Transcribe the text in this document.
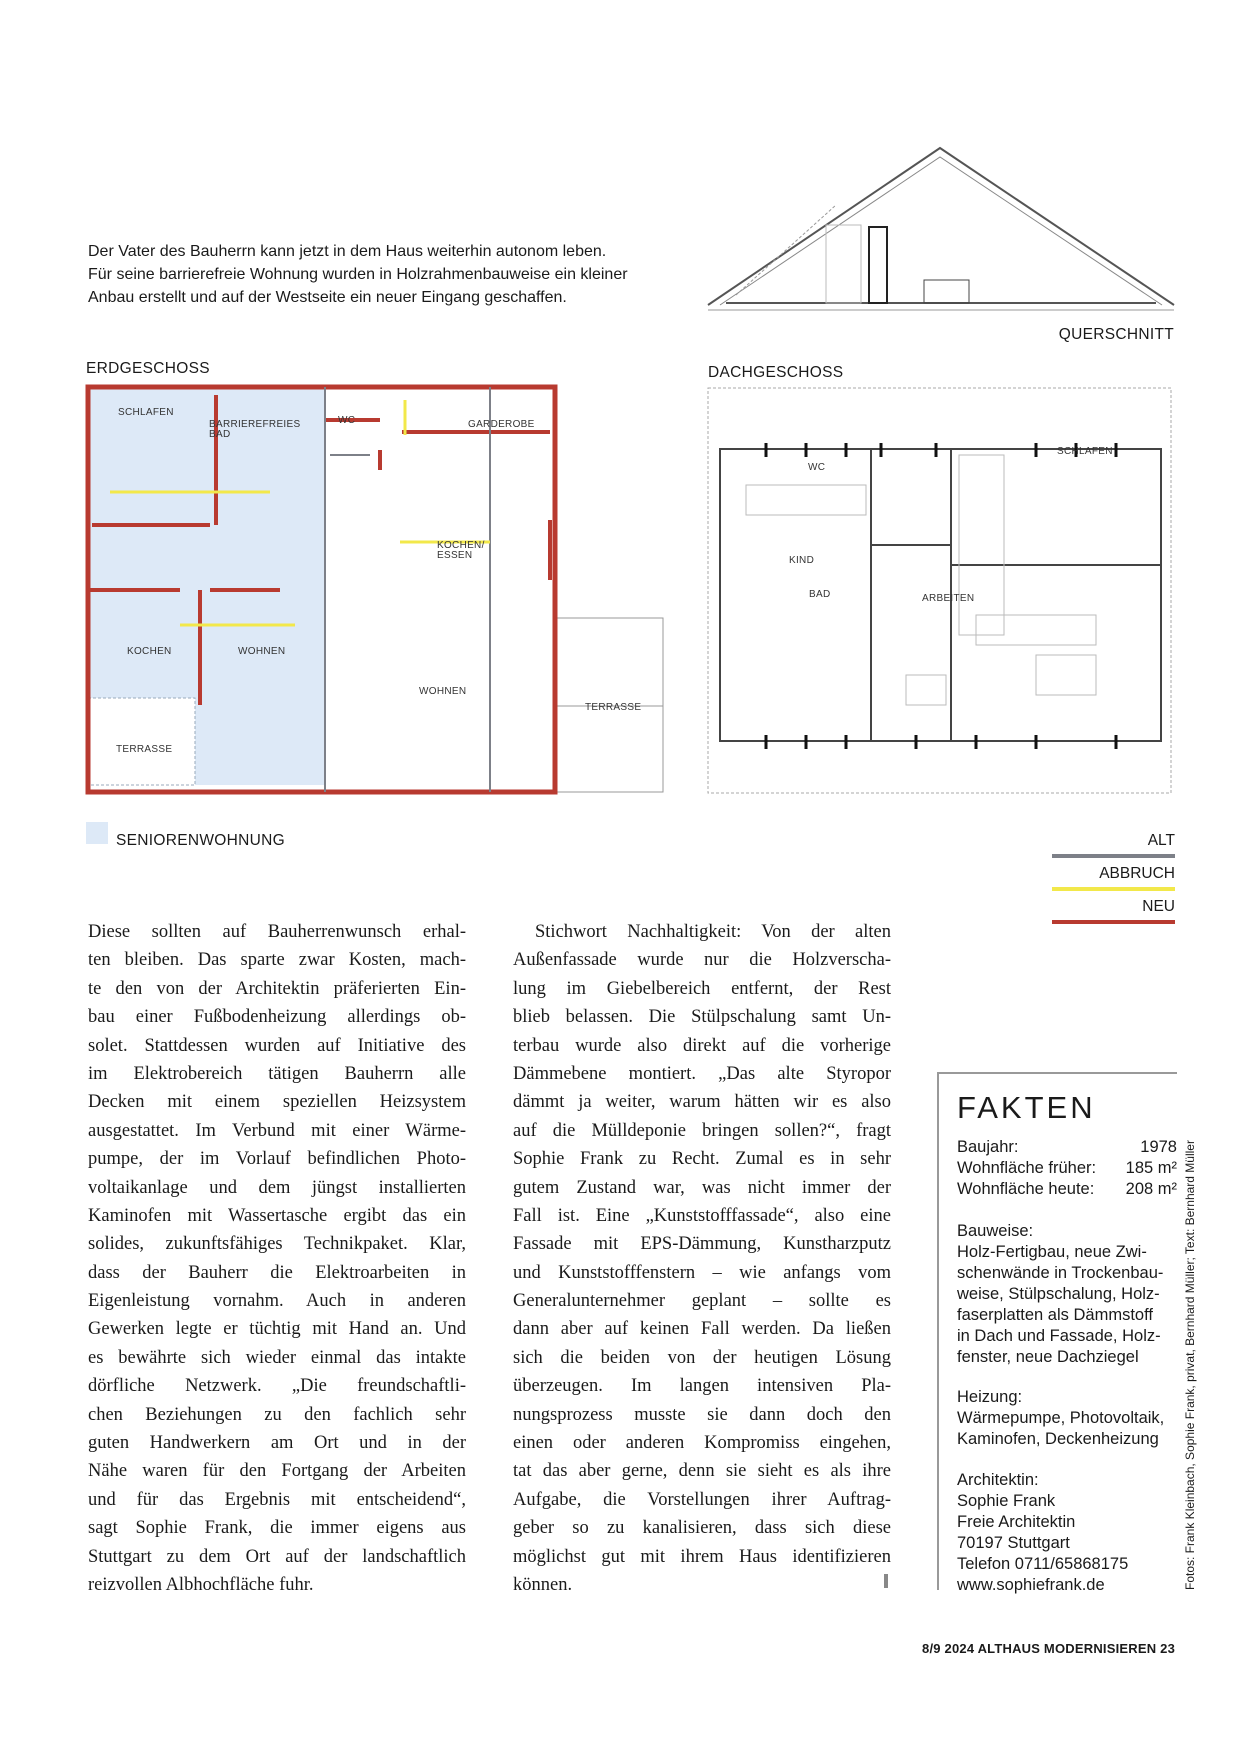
Der Vater des Bauherrn kann jetzt in dem Haus weiterhin autonom leben.
Für seine barrierefreie Wohnung wurden in Holzrahmenbauweise ein kleiner
Anbau erstellt und auf der Westseite ein neuer Eingang geschaffen.
QUERSCHNITT
ERDGESCHOSS
SCHLAFEN
BARRIEREFREIES
BAD
WC	GARDEROBE
KOCHEN/
ESSEN
KOCHEN	WOHNEN
WOHNEN
TERRASSE
TERRASSE
DACHGESCHOSS
SCHLAFEN
WC
KIND
BAD	ARBEITEN
SENIORENWOHNUNG	ALT
ABBRUCH
NEU
Diese sollten auf Bauherrenwunsch erhal-
ten bleiben. Das sparte zwar Kosten, mach-
te den von der Architektin präferierten Ein-
bau einer Fußbodenheizung allerdings ob-
solet. Stattdessen wurden auf Initiative des
im Elektrobereich tätigen Bauherrn alle
Decken mit einem speziellen Heizsystem
ausgestattet. Im Verbund mit einer Wärme-
pumpe, der im Vorlauf befindlichen Photo-
voltaikanlage und dem jüngst installierten
Kaminofen mit Wassertasche ergibt das ein
solides, zukunftsfähiges Technikpaket. Klar,
dass der Bauherr die Elektroarbeiten in
Eigenleistung vornahm. Auch in anderen
Gewerken legte er tüchtig mit Hand an. Und
es bewährte sich wieder einmal das intakte
dörfliche Netzwerk. „Die freundschaftli-
chen Beziehungen zu den fachlich sehr
guten Handwerkern am Ort und in der
Nähe waren für den Fortgang der Arbeiten
und für das Ergebnis mit entscheidend“,
sagt Sophie Frank, die immer eigens aus
Stuttgart zu dem Ort auf der landschaftlich
reizvollen Albhochfläche fuhr.
Stichwort Nachhaltigkeit: Von der alten
Außenfassade wurde nur die Holzverscha-
lung im Giebelbereich entfernt, der Rest
blieb belassen. Die Stülpschalung samt Un-
terbau wurde also direkt auf die vorherige
Dämmebene montiert. „Das alte Styropor
dämmt ja weiter, warum hätten wir es also
auf die Mülldeponie bringen sollen?“, fragt
Sophie Frank zu Recht. Zumal es in sehr
gutem Zustand war, was nicht immer der
Fall ist. Eine „Kunststofffassade“, also eine
Fassade mit EPS-Dämmung, Kunstharzputz
und Kunststofffenstern – wie anfangs vom
Generalunternehmer geplant – sollte es
dann aber auf keinen Fall werden. Da ließen
sich die beiden von der heutigen Lösung
überzeugen. Im langen intensiven Pla-
nungsprozess musste sie dann doch den
einen oder anderen Kompromiss eingehen,
tat das aber gerne, denn sie sieht es als ihre
Aufgabe, die Vorstellungen ihrer Auftrag-
geber so zu kanalisieren, dass sich diese
möglichst gut mit ihrem Haus identifizieren
können.
FAKTEN
Baujahr:	1978
Wohnfläche früher: 185 m²
Wohnfläche heute: 208 m²
Bauweise:
Holz-Fertigbau, neue Zwi-
schenwände in Trockenbau-
weise, Stülpschalung, Holz-
faserplatten als Dämmstoff
in Dach und Fassade, Holz-
fenster, neue Dachziegel
Heizung:
Wärmepumpe, Photovoltaik,
Kaminofen, Deckenheizung
Architektin:
Sophie Frank
Freie Architektin
70197 Stuttgart
Telefon 0711/65868175
www.sophiefrank.de	Fotos: Frank Kleinbach, Sophie Frank, privat, Bernhard Müller; Text: Bernhard Müller
8/9 2024 ALTHAUS MODERNISIEREN 23
